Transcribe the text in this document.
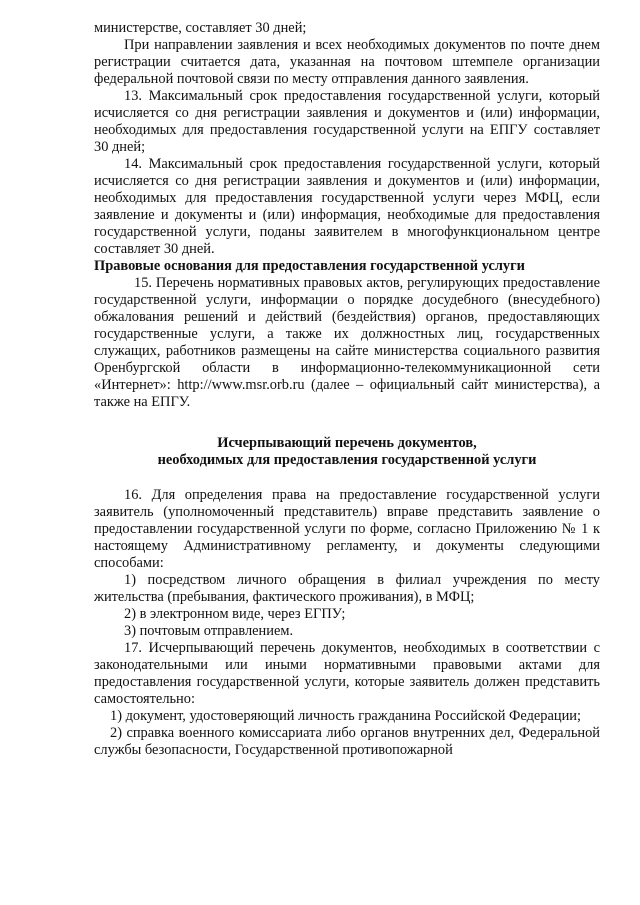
министерстве, составляет 30 дней;

При направлении заявления и всех необходимых документов по почте днем регистрации считается дата, указанная на почтовом штемпеле организации федеральной почтовой связи по месту отправления данного заявления.

13. Максимальный срок предоставления государственной услуги, который исчисляется со дня регистрации заявления и документов и (или) информации, необходимых для предоставления государственной услуги на ЕПГУ составляет 30 дней;

14. Максимальный срок предоставления государственной услуги, который исчисляется со дня регистрации заявления и документов и (или) информации, необходимых для предоставления государственной услуги через МФЦ, если заявление и документы и (или) информация, необходимые для предоставления государственной услуги, поданы заявителем в многофункциональном центре составляет 30 дней.

Правовые основания для предоставления государственной услуги

15. Перечень нормативных правовых актов, регулирующих предоставление государственной услуги, информации о порядке досудебного (внесудебного) обжалования решений и действий (бездействия) органов, предоставляющих государственные услуги, а также их должностных лиц, государственных служащих, работников размещены на сайте министерства социального развития Оренбургской области в информационно-телекоммуникационной сети «Интернет»: http://www.msr.orb.ru (далее – официальный сайт министерства), а также на ЕПГУ.

Исчерпывающий перечень документов,
необходимых для предоставления государственной услуги

16. Для определения права на предоставление государственной услуги заявитель (уполномоченный представитель) вправе представить заявление о предоставлении государственной услуги по форме, согласно Приложению № 1 к настоящему Административному регламенту, и документы следующими способами:

1) посредством личного обращения в филиал учреждения по месту жительства (пребывания, фактического проживания), в МФЦ;

2) в электронном виде, через ЕГПУ;

3) почтовым отправлением.

17. Исчерпывающий перечень документов, необходимых в соответствии с законодательными или иными нормативными правовыми актами для предоставления государственной услуги, которые заявитель должен представить самостоятельно:

1) документ, удостоверяющий личность гражданина Российской Федерации;

2) справка военного комиссариата либо органов внутренних дел, Федеральной службы безопасности, Государственной противопожарной
